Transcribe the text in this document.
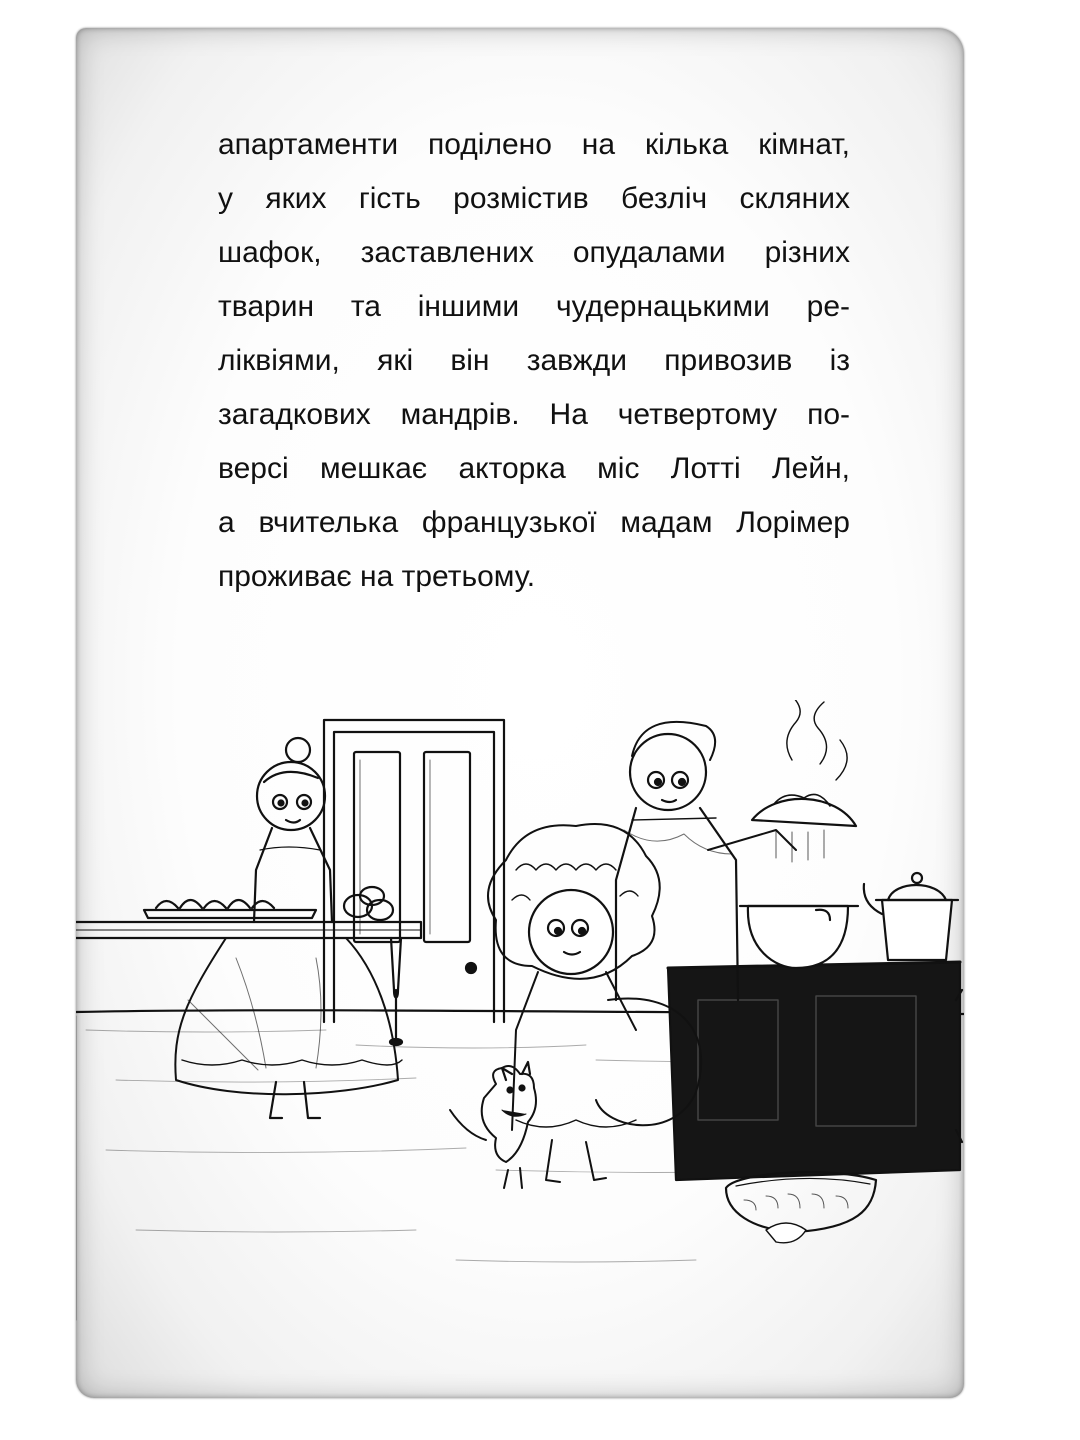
апартаменти поділено на кілька кімнат,
у яких гість розмістив безліч скляних
шафок, заставлених опудалами різних
тварин та іншими чудернацькими ре-
ліквіями, які він завжди привозив із
загадкових мандрів. На четвертому по-
версі мешкає акторка міс Лотті Лейн,
а вчителька французької мадам Лорімер
проживає на третьому.
